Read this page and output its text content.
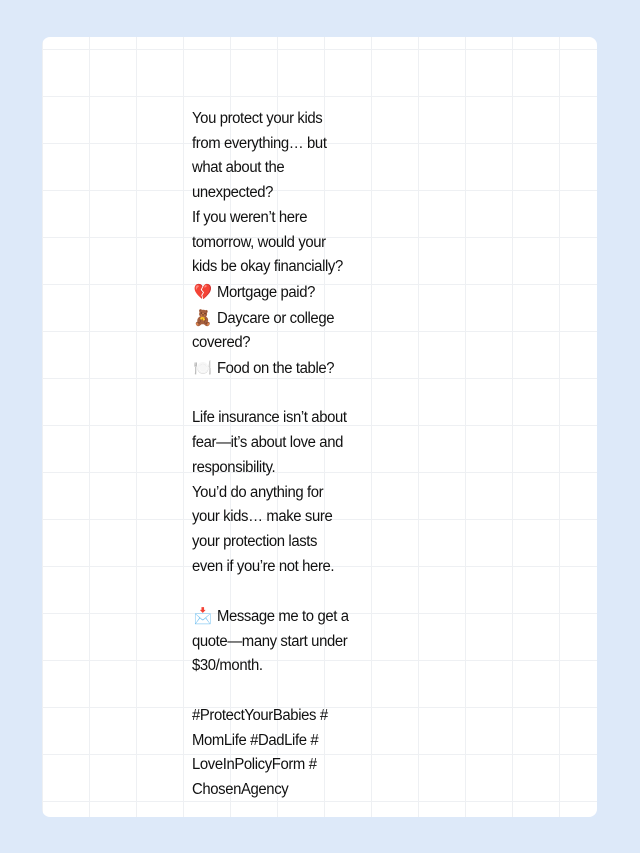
You protect your kids from everything… but what about the unexpected?

If you weren’t here tomorrow, would your kids be okay financially?

💔 Mortgage paid?

🧸 Daycare or college covered?

🍽️ Food on the table?

Life insurance isn’t about fear—it’s about love and responsibility.

You’d do anything for your kids… make sure your protection lasts even if you’re not here.

📩 Message me to get a quote—many start under $30/month.

#ProtectYourBabies # MomLife #DadLife # LoveInPolicyForm # ChosenAgency
